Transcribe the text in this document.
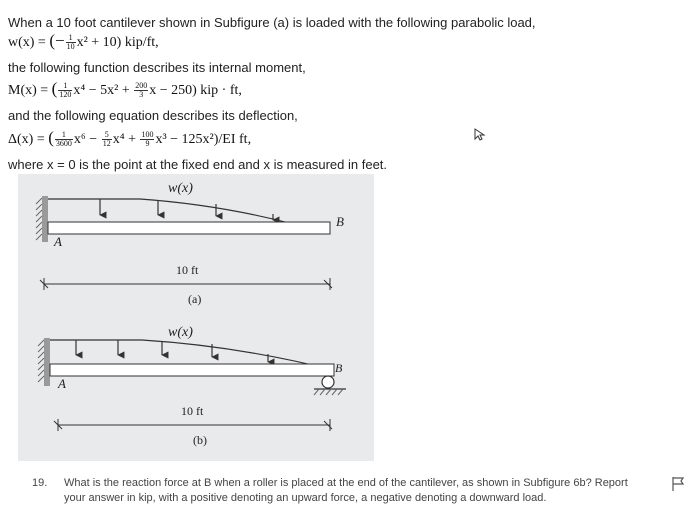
When a 10 foot cantilever shown in Subfigure (a) is loaded with the following parabolic load,
w(x) = (− $\frac{1}{10} x^2 + 10$) kip/ft,
the following function describes its internal moment,
M(x) = ( $\frac{1}{120} x^4 - 5x^2 + \frac{200}{3}$ x − 250) kip · ft,
and the following equation describes its deflection,
Δ(x) = ( $\frac{1}{3600} x^6 - \frac{5}{12} x^4 + \frac{100}{9} x^3 - 125x^2)/EI$ ft,
where x = 0 is the point at the fixed end and x is measured in feet.
w(x)
A
B
10 ft
(a)
w(x)
A
B
10 ft
(b)
19. What is the reaction force at B when a roller is placed at the end of the cantilever, as shown in Subfigure 6b? Report
your answer in kip, with a positive denoting an upward force, a negative denoting a downward load.
